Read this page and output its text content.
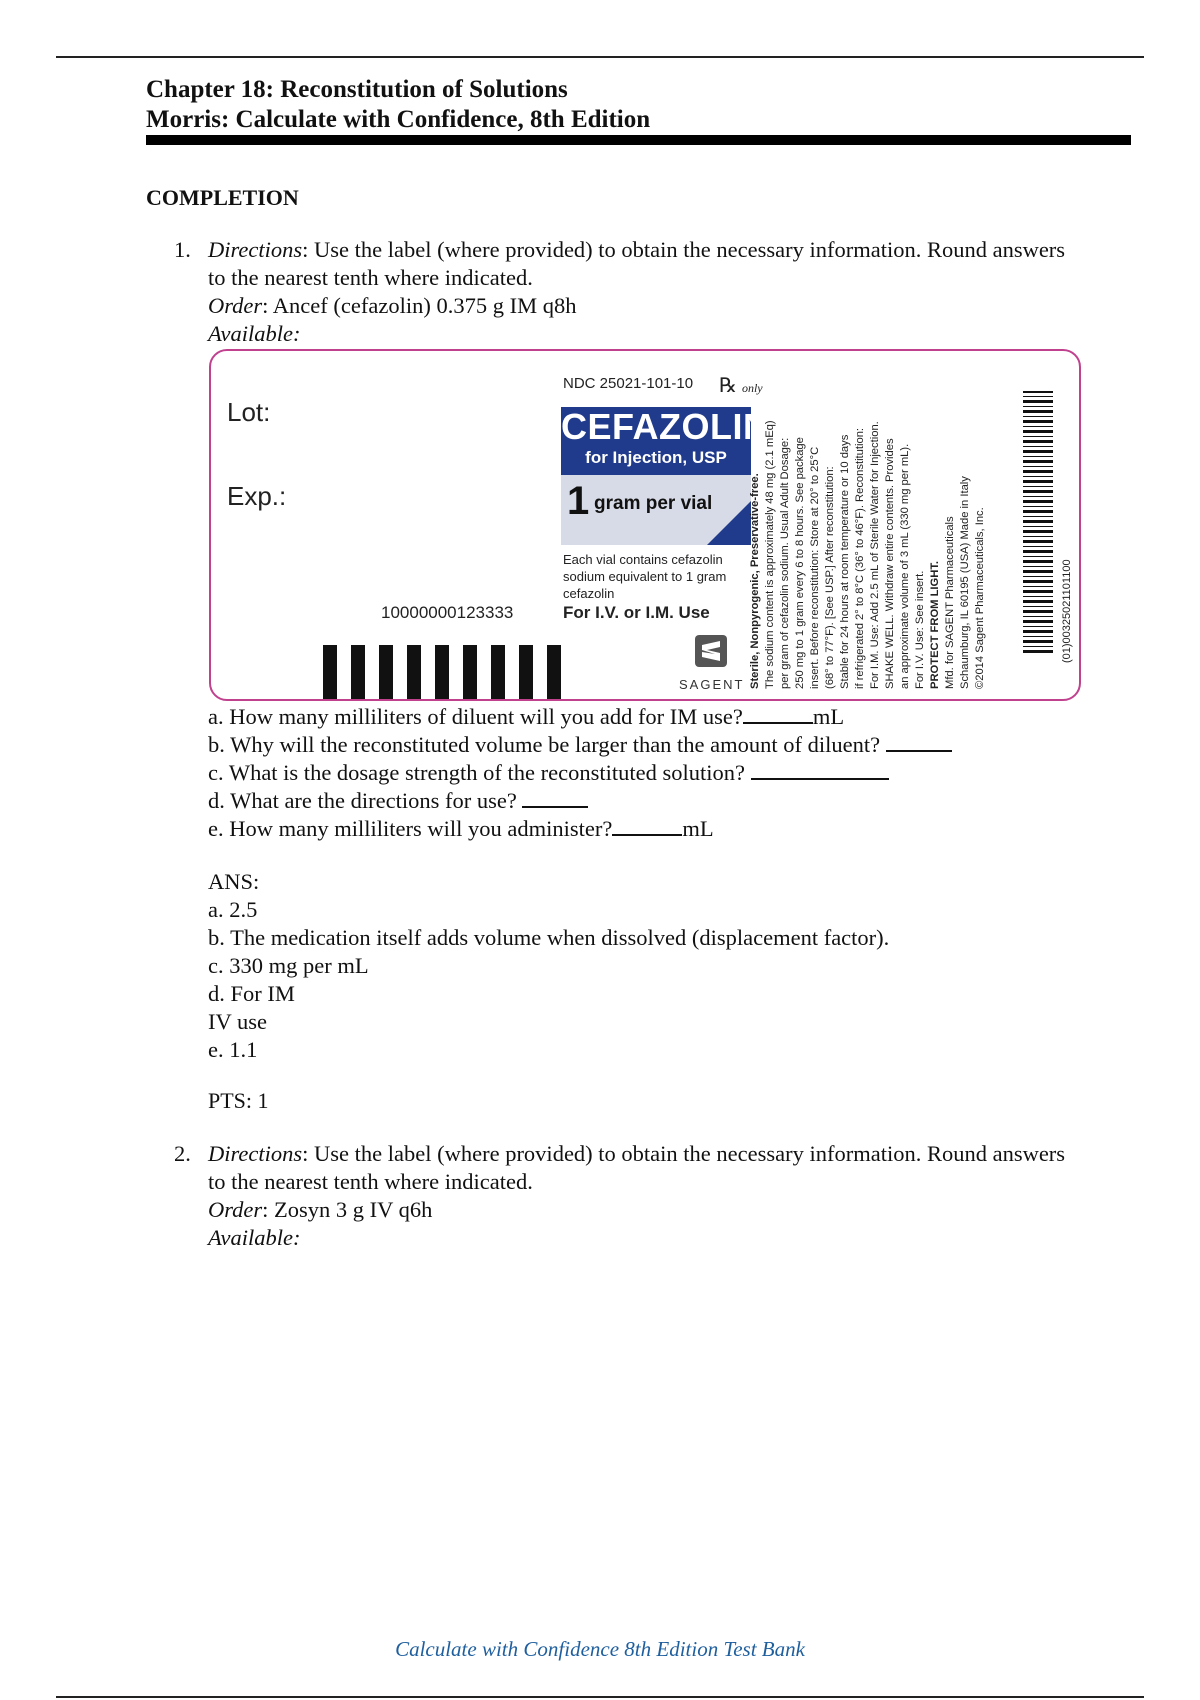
Chapter 18: Reconstitution of Solutions
Morris: Calculate with Confidence, 8th Edition
COMPLETION
1. Directions: Use the label (where provided) to obtain the necessary information. Round answers to the nearest tenth where indicated.
Order: Ancef (cefazolin) 0.375 g IM q8h
Available:
Lot:
Exp.:
10000000123333
NDC 25021-101-10 ℞ only
CEFAZOLIN
for Injection, USP
1 gram per vial
Each vial contains cefazolin sodium equivalent to 1 gram cefazolin
For I.V. or I.M. Use
SAGENT Sterile, Nonpyrogenic, Preservative-free. The sodium content is approximately 48 mg (2.1 mEq) per gram of cefazolin sodium. Usual Adult Dosage: 250 mg to 1 gram every 6 to 8 hours. See package insert. Before reconstitution: Store at 20° to 25°C (68° to 77°F). [See USP.] After reconstitution: Stable for 24 hours at room temperature or 10 days if refrigerated 2° to 8°C (36° to 46°F). Reconstitution: For I.M. Use: Add 2.5 mL of Sterile Water for Injection. SHAKE WELL. Withdraw entire contents. Provides an approximate volume of 3 mL (330 mg per mL). For I.V. Use: See insert. PROTECT FROM LIGHT. Mfd. for SAGENT Pharmaceuticals Schaumburg, IL 60195 (USA) Made in Italy ©2014 Sagent Pharmaceuticals, Inc.	(01)00325021101100
a. How many milliliters of diluent will you add for IM use?	mL
b. Why will the reconstituted volume be larger than the amount of diluent?
c. What is the dosage strength of the reconstituted solution?
d. What are the directions for use?
e. How many milliliters will you administer?	mL
ANS:
a. 2.5
b. The medication itself adds volume when dissolved (displacement factor).
c. 330 mg per mL
d. For IM
IV use
e. 1.1
PTS: 1
2. Directions: Use the label (where provided) to obtain the necessary information. Round answers to the nearest tenth where indicated.
Order: Zosyn 3 g IV q6h
Available:
Calculate with Confidence 8th Edition Test Bank
